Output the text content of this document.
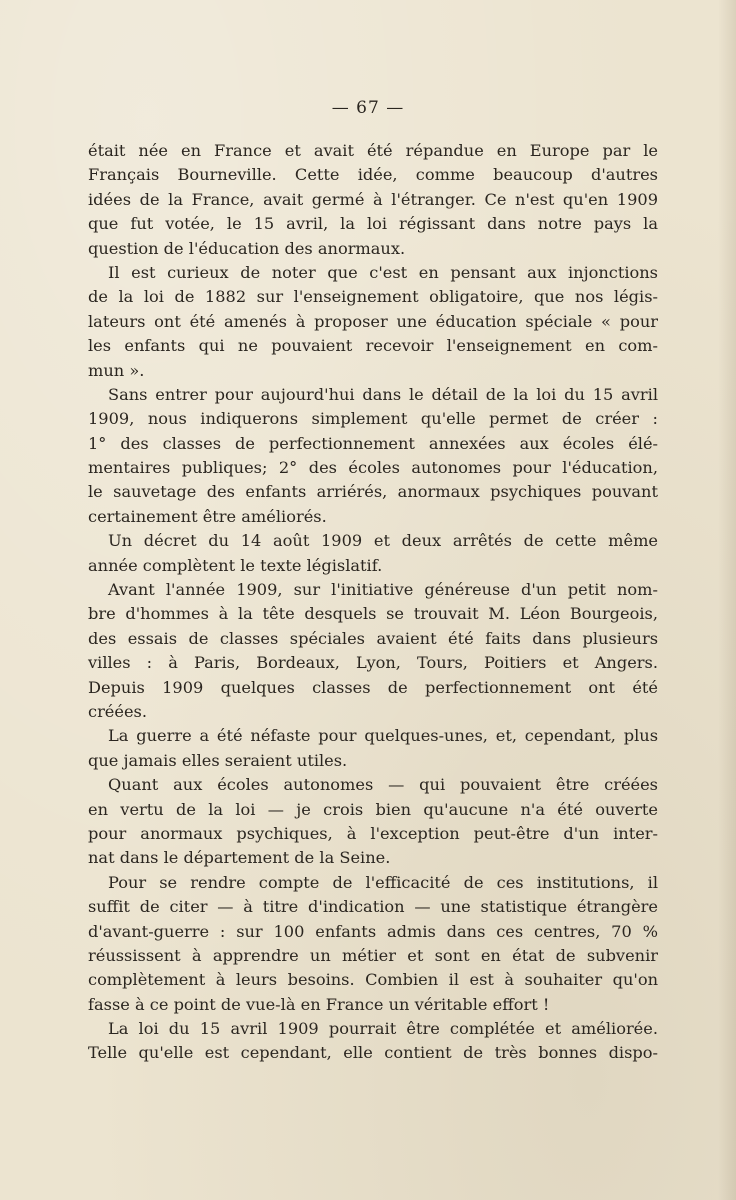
— 67 —
était née en France et avait été répandue en Europe par le
Français Bourneville. Cette idée, comme beaucoup d'autres
idées de la France, avait germé à l'étranger. Ce n'est qu'en 1909
que fut votée, le 15 avril, la loi régissant dans notre pays la
question de l'éducation des anormaux.
Il est curieux de noter que c'est en pensant aux injonctions
de la loi de 1882 sur l'enseignement obligatoire, que nos légis-
lateurs ont été amenés à proposer une éducation spéciale « pour
les enfants qui ne pouvaient recevoir l'enseignement en com-
mun ».
Sans entrer pour aujourd'hui dans le détail de la loi du 15 avril
1909, nous indiquerons simplement qu'elle permet de créer :
1° des classes de perfectionnement annexées aux écoles élé-
mentaires publiques; 2° des écoles autonomes pour l'éducation,
le sauvetage des enfants arriérés, anormaux psychiques pouvant
certainement être améliorés.
Un décret du 14 août 1909 et deux arrêtés de cette même
année complètent le texte législatif.
Avant l'année 1909, sur l'initiative généreuse d'un petit nom-
bre d'hommes à la tête desquels se trouvait M. Léon Bourgeois,
des essais de classes spéciales avaient été faits dans plusieurs
villes : à Paris, Bordeaux, Lyon, Tours, Poitiers et Angers.
Depuis 1909 quelques classes de perfectionnement ont été
créées.
La guerre a été néfaste pour quelques-unes, et, cependant, plus
que jamais elles seraient utiles.
Quant aux écoles autonomes — qui pouvaient être créées
en vertu de la loi — je crois bien qu'aucune n'a été ouverte
pour anormaux psychiques, à l'exception peut-être d'un inter-
nat dans le département de la Seine.
Pour se rendre compte de l'efficacité de ces institutions, il
suffit de citer — à titre d'indication — une statistique étrangère
d'avant-guerre : sur 100 enfants admis dans ces centres, 70 %
réussissent à apprendre un métier et sont en état de subvenir
complètement à leurs besoins. Combien il est à souhaiter qu'on
fasse à ce point de vue-là en France un véritable effort !
La loi du 15 avril 1909 pourrait être complétée et améliorée.
Telle qu'elle est cependant, elle contient de très bonnes dispo-
